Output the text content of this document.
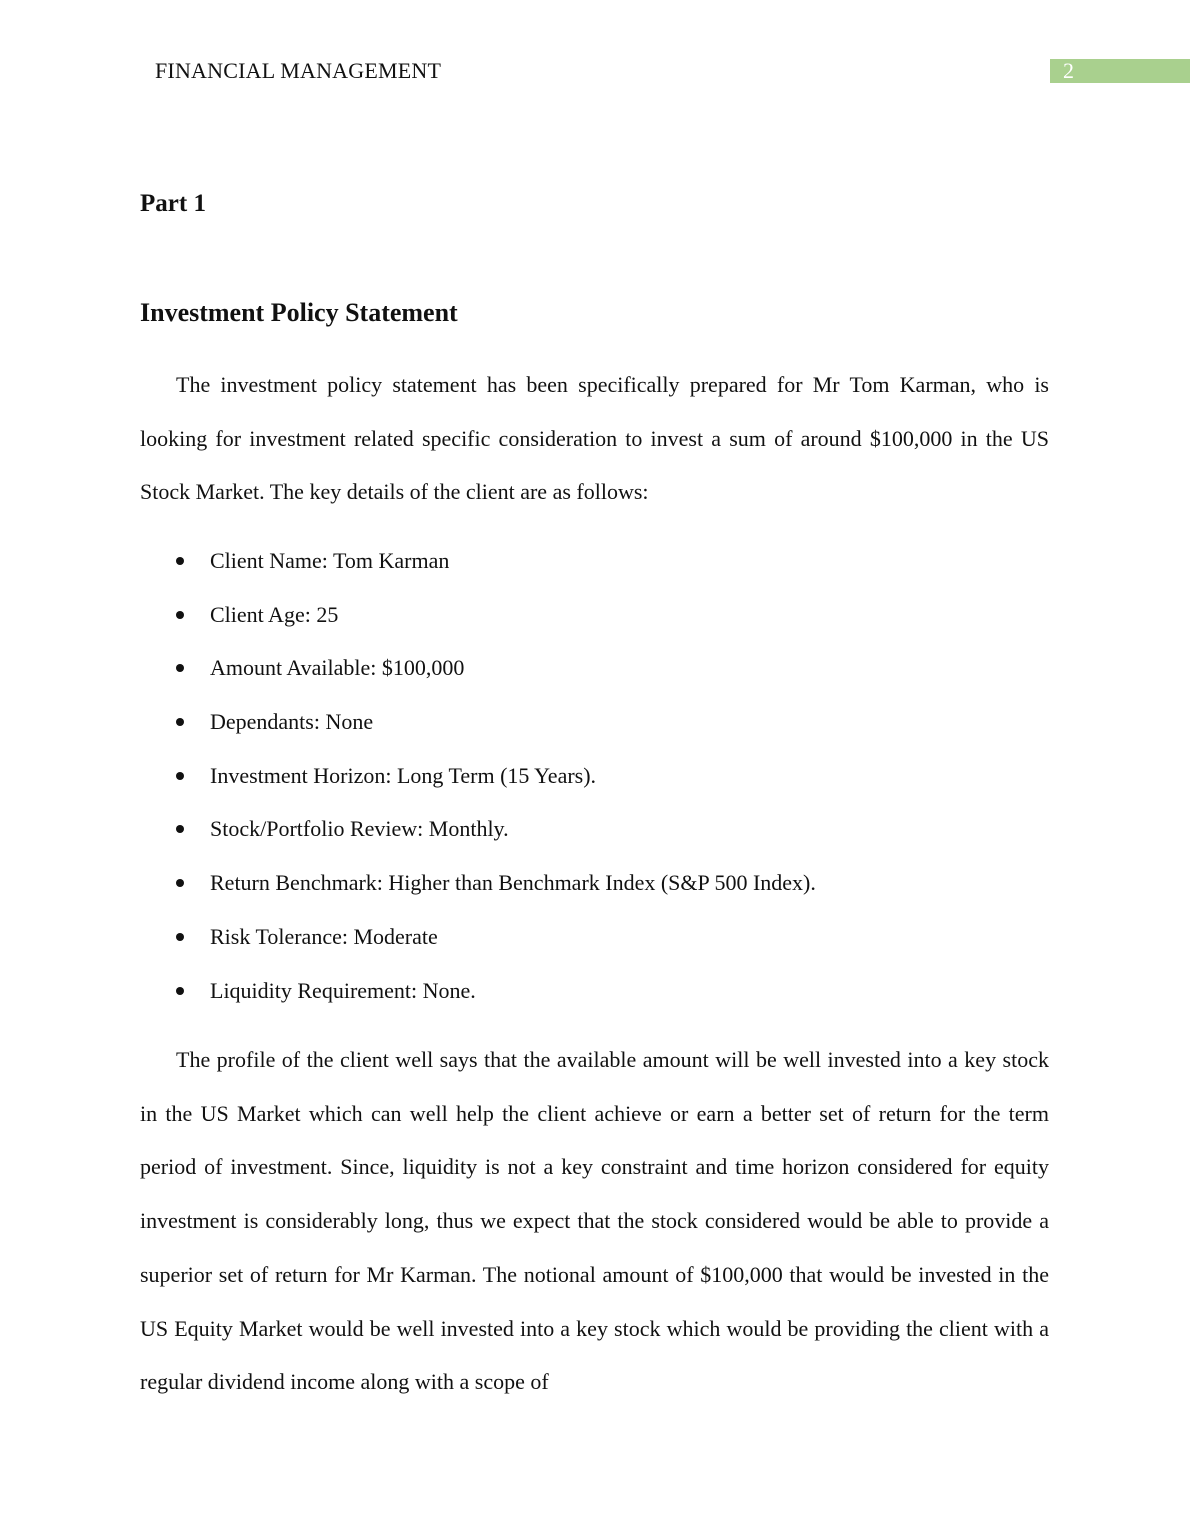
FINANCIAL MANAGEMENT	2
Part 1
Investment Policy Statement

The investment policy statement has been specifically prepared for Mr Tom Karman, who is looking for investment related specific consideration to invest a sum of around $100,000 in the US Stock Market. The key details of the client are as follows:

Client Name: Tom Karman
Client Age: 25
Amount Available: $100,000
Dependants: None
Investment Horizon: Long Term (15 Years).
Stock/Portfolio Review: Monthly.
Return Benchmark: Higher than Benchmark Index (S&P 500 Index).
Risk Tolerance: Moderate
Liquidity Requirement: None.

The profile of the client well says that the available amount will be well invested into a key stock in the US Market which can well help the client achieve or earn a better set of return for the term period of investment. Since, liquidity is not a key constraint and time horizon considered for equity investment is considerably long, thus we expect that the stock considered would be able to provide a superior set of return for Mr Karman. The notional amount of $100,000 that would be invested in the US Equity Market would be well invested into a key stock which would be providing the client with a regular dividend income along with a scope of
